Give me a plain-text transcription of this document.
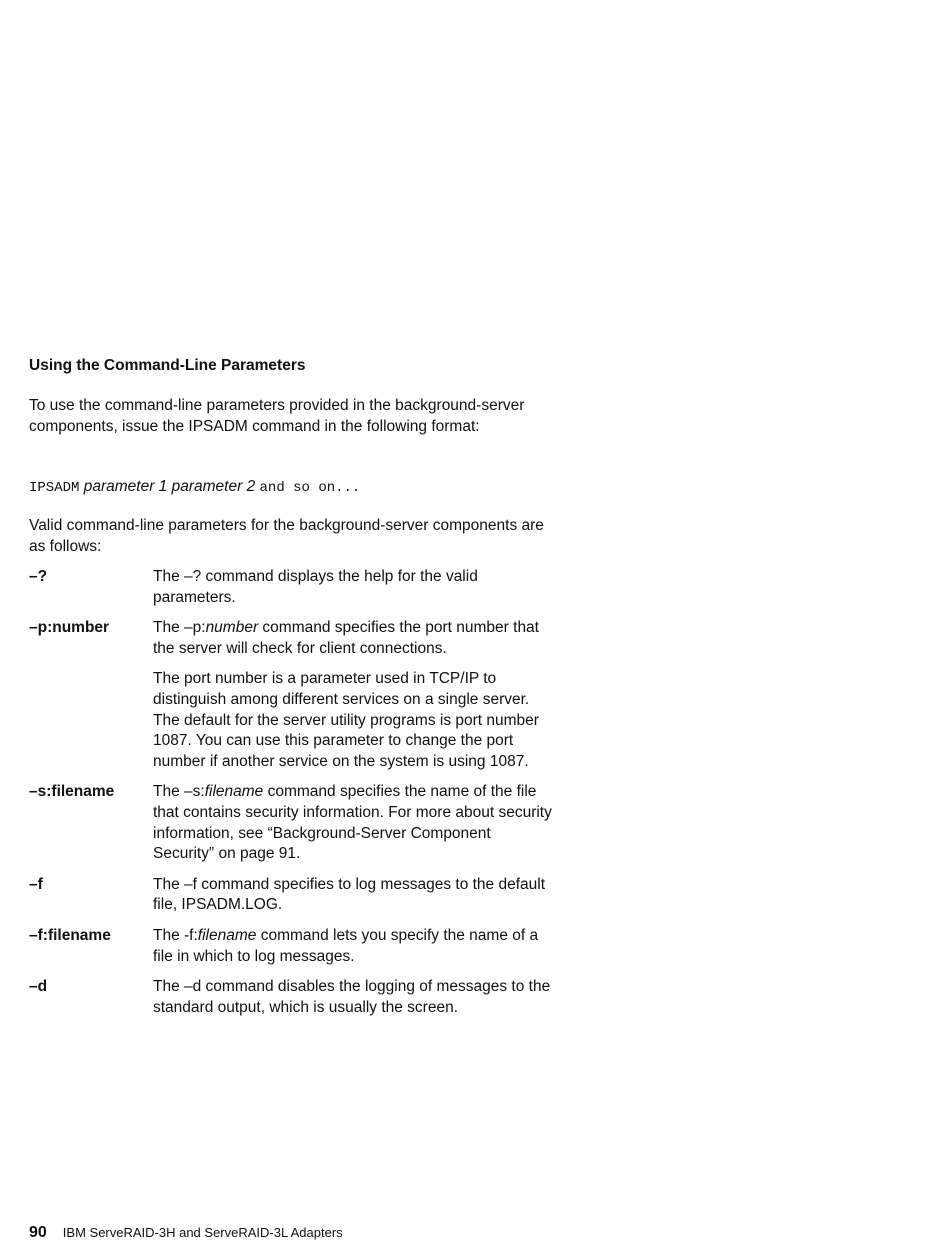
Using the Command-Line Parameters
To use the command-line parameters provided in the background-server components, issue the IPSADM command in the following format:
IPSADM parameter 1 parameter 2 and so on...
Valid command-line parameters for the background-server components are as follows:
–?	The –? command displays the help for the valid parameters.

–p:number	The –p:number command specifies the port number that the server will check for client connections.

The port number is a parameter used in TCP/IP to distinguish among different services on a single server. The default for the server utility programs is port number 1087. You can use this parameter to change the port number if another service on the system is using 1087.

–s:filename The –s:filename command specifies the name of the file that contains security information. For more about security information, see “Background-Server Component Security” on page 91.

–f	The –f command specifies to log messages to the default file, IPSADM.LOG.

–f:filename	The -f:filename command lets you specify the name of a file in which to log messages.

–d	The –d command disables the logging of messages to the standard output, which is usually the screen.

90 IBM ServeRAID-3H and ServeRAID-3L Adapters
